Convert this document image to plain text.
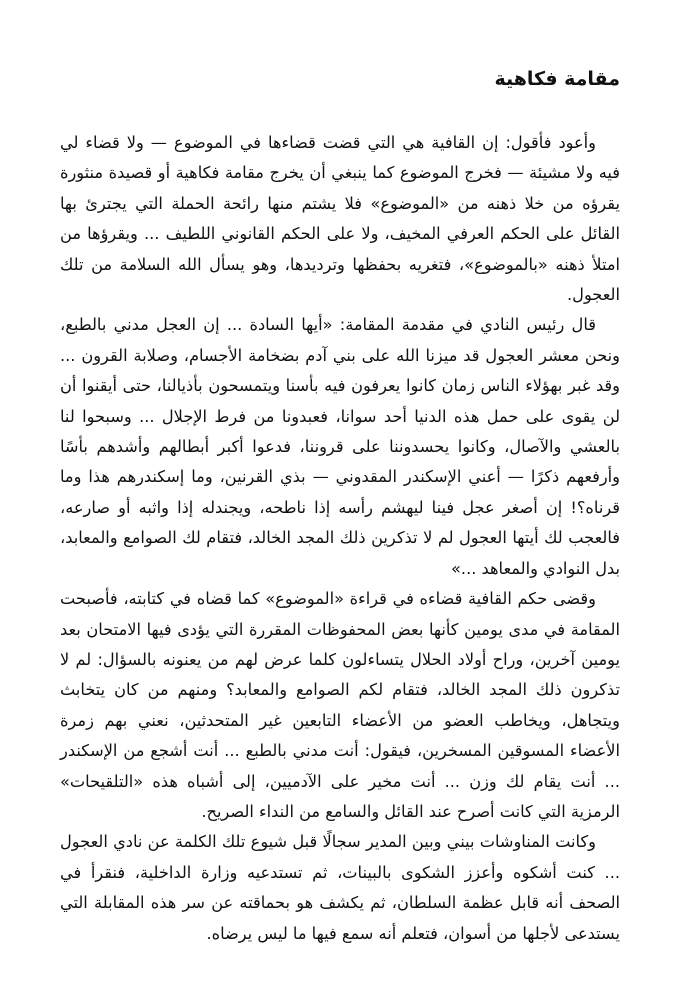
مقامة فكاهية

وأعود فأقول: إن القافية هي التي قضت قضاءها في الموضوع — ولا قضاء لي فيه ولا مشيئة — فخرج الموضوع كما ينبغي أن يخرج مقامة فكاهية أو قصيدة منثورة يقرؤه من خلا ذهنه من «الموضوع» فلا يشتم منها رائحة الحملة التي يجترئ بها القائل على الحكم العرفي المخيف، ولا على الحكم القانوني اللطيف ... ويقرؤها من امتلأ ذهنه «بالموضوع»، فتغريه بحفظها وترديدها، وهو يسأل الله السلامة من تلك العجول.

قال رئيس النادي في مقدمة المقامة: «أيها السادة ... إن العجل مدني بالطبع، ونحن معشر العجول قد ميزنا الله على بني آدم بضخامة الأجسام، وصلابة القرون ... وقد غبر بهؤلاء الناس زمان كانوا يعرفون فيه بأسنا ويتمسحون بأذيالنا، حتى أيقنوا أن لن يقوى على حمل هذه الدنيا أحد سوانا، فعبدونا من فرط الإجلال ... وسبحوا لنا بالعشي والآصال، وكانوا يحسدوننا على قروننا، فدعوا أكبر أبطالهم وأشدهم بأسًا وأرفعهم ذكرًا — أعني الإسكندر المقدوني — بذي القرنين، وما إسكندرهم هذا وما قرناه؟! إن أصغر عجل فينا ليهشم رأسه إذا ناطحه، ويجندله إذا واثبه أو صارعه، فالعجب لك أيتها العجول لم لا تذكرين ذلك المجد الخالد، فتقام لك الصوامع والمعابد، بدل النوادي والمعاهد ...»

وقضى حكم القافية قضاءه في قراءة «الموضوع» كما قضاه في كتابته، فأصبحت المقامة في مدى يومين كأنها بعض المحفوظات المقررة التي يؤدى فيها الامتحان بعد يومين آخرين، وراح أولاد الحلال يتساءلون كلما عرض لهم من يعنونه بالسؤال: لم لا تذكرون ذلك المجد الخالد، فتقام لكم الصوامع والمعابد؟ ومنهم من كان يتخابث ويتجاهل، ويخاطب العضو من الأعضاء التابعين غير المتحدثين، نعني بهم زمرة الأعضاء المسوقين المسخرين، فيقول: أنت مدني بالطبع ... أنت أشجع من الإسكندر ... أنت يقام لك وزن ... أنت مخير على الآدميين، إلى أشباه هذه «التلقيحات» الرمزية التي كانت أصرح عند القائل والسامع من النداء الصريح.

وكانت المناوشات بيني وبين المدير سجالًا قبل شيوع تلك الكلمة عن نادي العجول ... كنت أشكوه وأعزز الشكوى بالبينات، ثم تستدعيه وزارة الداخلية، فنقرأ في الصحف أنه قابل عظمة السلطان، ثم يكشف هو بحماقته عن سر هذه المقابلة التي يستدعى لأجلها من أسوان، فتعلم أنه سمع فيها ما ليس يرضاه.
